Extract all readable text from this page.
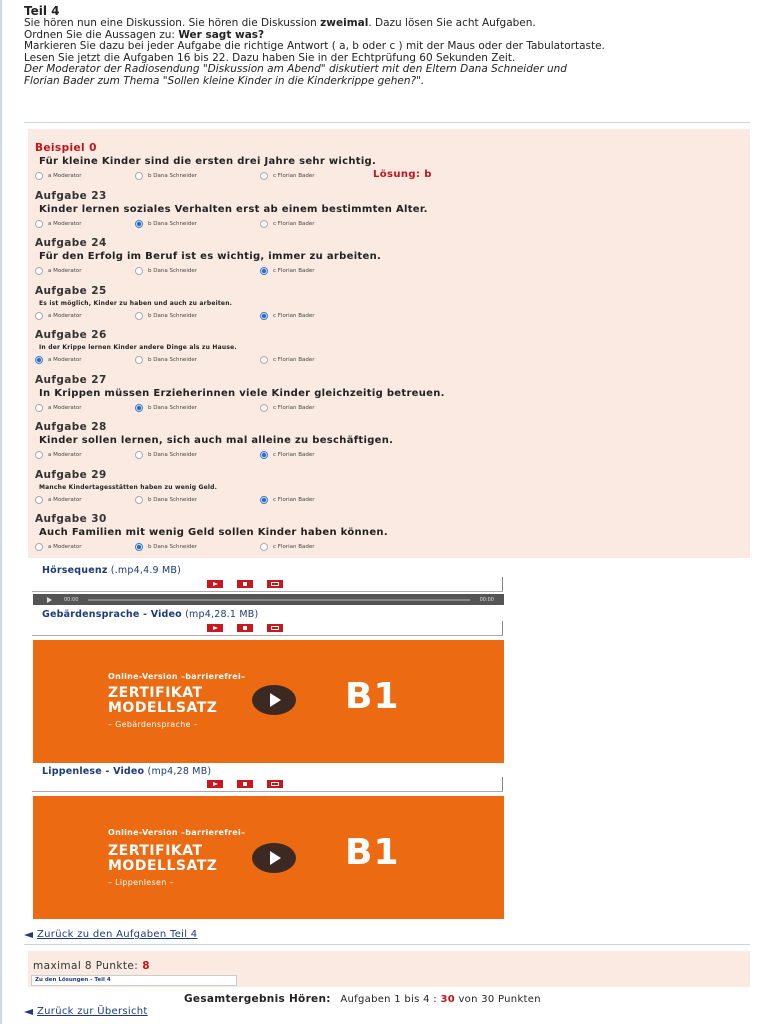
Teil 4
Sie hören nun eine Diskussion. Sie hören die Diskussion zweimal. Dazu lösen Sie acht Aufgaben.
Ordnen Sie die Aussagen zu: Wer sagt was?
Markieren Sie dazu bei jeder Aufgabe die richtige Antwort ( a, b oder c ) mit der Maus oder der Tabulatortaste.
Lesen Sie jetzt die Aufgaben 16 bis 22. Dazu haben Sie in der Echtprüfung 60 Sekunden Zeit.
Der Moderator der Radiosendung "Diskussion am Abend" diskutiert mit den Eltern Dana Schneider und
Florian Bader zum Thema "Sollen kleine Kinder in die Kinderkrippe gehen?".
Beispiel 0
Für kleine Kinder sind die ersten drei Jahre sehr wichtig.
a Moderator	b Dana Schneider	c Florian Bader	Lösung: b
Aufgabe 23
Kinder lernen soziales Verhalten erst ab einem bestimmten Alter.
a Moderator	b Dana Schneider	c Florian Bader
Aufgabe 24
Für den Erfolg im Beruf ist es wichtig, immer zu arbeiten.
a Moderator	b Dana Schneider	c Florian Bader
Aufgabe 25
Es ist möglich, Kinder zu haben und auch zu arbeiten.
a Moderator	b Dana Schneider	c Florian Bader
Aufgabe 26
In der Krippe lernen Kinder andere Dinge als zu Hause.
a Moderator	b Dana Schneider	c Florian Bader
Aufgabe 27
In Krippen müssen Erzieherinnen viele Kinder gleichzeitig betreuen.
a Moderator	b Dana Schneider	c Florian Bader
Aufgabe 28
Kinder sollen lernen, sich auch mal alleine zu beschäftigen.
a Moderator	b Dana Schneider	c Florian Bader
Aufgabe 29
Manche Kindertagesstätten haben zu wenig Geld.
a Moderator	b Dana Schneider	c Florian Bader
Aufgabe 30
Auch Familien mit wenig Geld sollen Kinder haben können.
a Moderator	b Dana Schneider	c Florian Bader
Hörsequenz (.mp4,4.9 MB)
00:00	00:00
Gebärdensprache - Video (mp4,28.1 MB)
Online-Version –barrierefrei–
ZERTIFIKAT
MODELLSATZ
– Gebärdensprache –
B1
Lippenlese - Video (mp4,28 MB)
Online-Version –barrierefrei–
ZERTIFIKAT
MODELLSATZ
– Lippenlesen –
B1
Zurück zu den Aufgaben Teil 4
maximal 8 Punkte: 8
Zu den Lösungen - Teil 4
Gesamtergebnis Hören: Aufgaben 1 bis 4 : 30 von 30 Punkten
Zurück zur Übersicht
